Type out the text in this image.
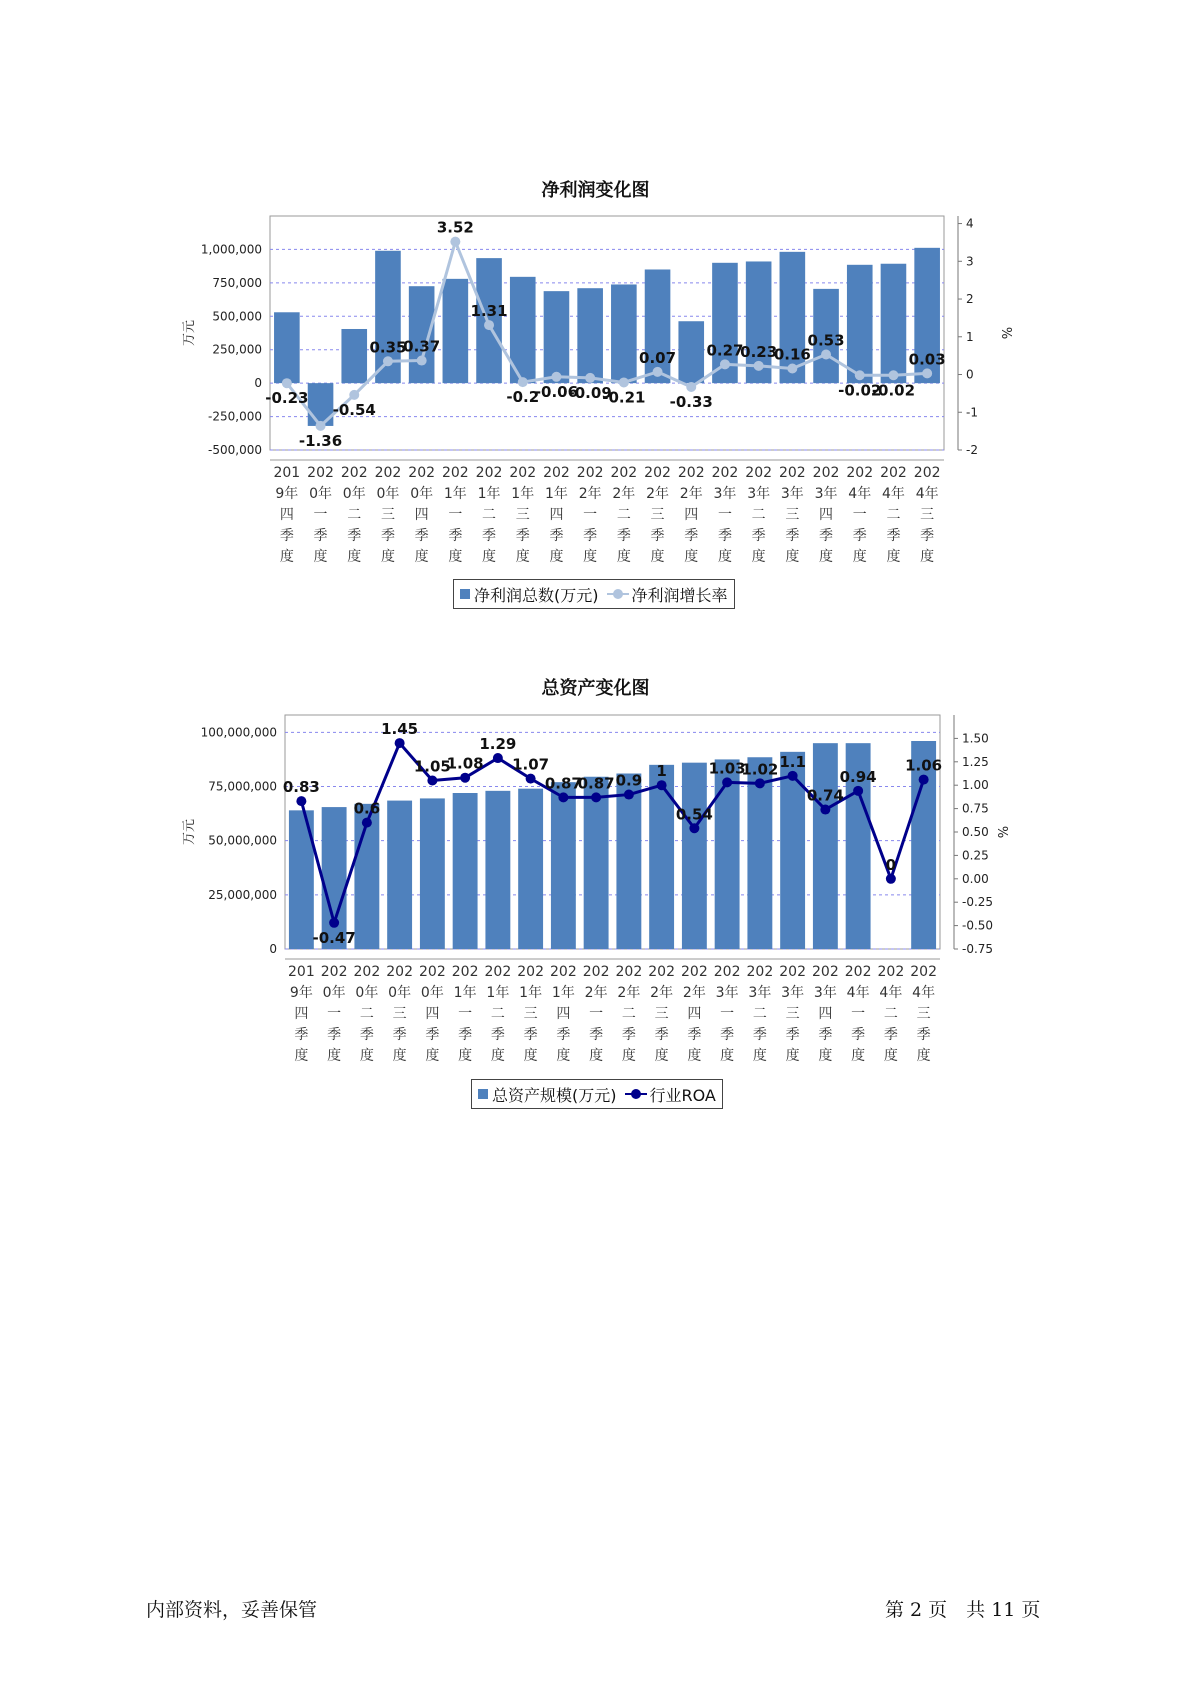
净利润变化图
-500,000
-250,000
0
250,000
500,000
750,000
1,000,000
-2
-1
0
1
2
3
4
万元	%
-0.23
-1.36
-0.54
0.35
0.37
3.52
1.31
-0.2
-0.06
-0.09
-0.21
0.07
-0.33
0.27
0.23
0.16
0.53
-0.02
-0.02
0.03
201
9年
四
季
度
202
0年
一
季
度
202
0年
二
季
度
202
0年
三
季
度
202
0年
四
季
度
202
1年
一
季
度
202
1年
二
季
度
202
1年
三
季
度
202
1年
四
季
度
202
2年
一
季
度
202
2年
二
季
度
202
2年
三
季
度
202
2年
四
季
度
202
3年
一
季
度
202
3年
二
季
度
202
3年
三
季
度
202
3年
四
季
度
202
4年
一
季
度
202
4年
二
季
度
202
4年
三
季
度
净利润总数(万元) 净利润增长率
总资产变化图
0
25,000,000
50,000,000
75,000,000
100,000,000
-0.75
-0.50
-0.25
0.00
0.25
0.50
0.75
1.00
1.25
1.50
万元	%
0.83
-0.47
0.6
1.45
1.05
1.08
1.29
1.07
0.87
0.87 0.9
1
0.54
1.03
1.02 1.1
0.74
0.94
0
1.06
201
9年
四
季
度
202
0年
一
季
度
202
0年
二
季
度
202
0年
三
季
度
202
0年
四
季
度
202
1年
一
季
度
202
1年
二
季
度
202
1年
三
季
度
202
1年
四
季
度
202
2年
一
季
度
202
2年
二
季
度
202
2年
三
季
度
202
2年
四
季
度
202
3年
一
季
度
202
3年
二
季
度
202
3年
三
季
度
202
3年
四
季
度
202
4年
一
季
度
202
4年
二
季
度
202
4年
三
季
度
总资产规模(万元) 行业ROA
内部资料，妥善保管	第 2 页　共 11 页
